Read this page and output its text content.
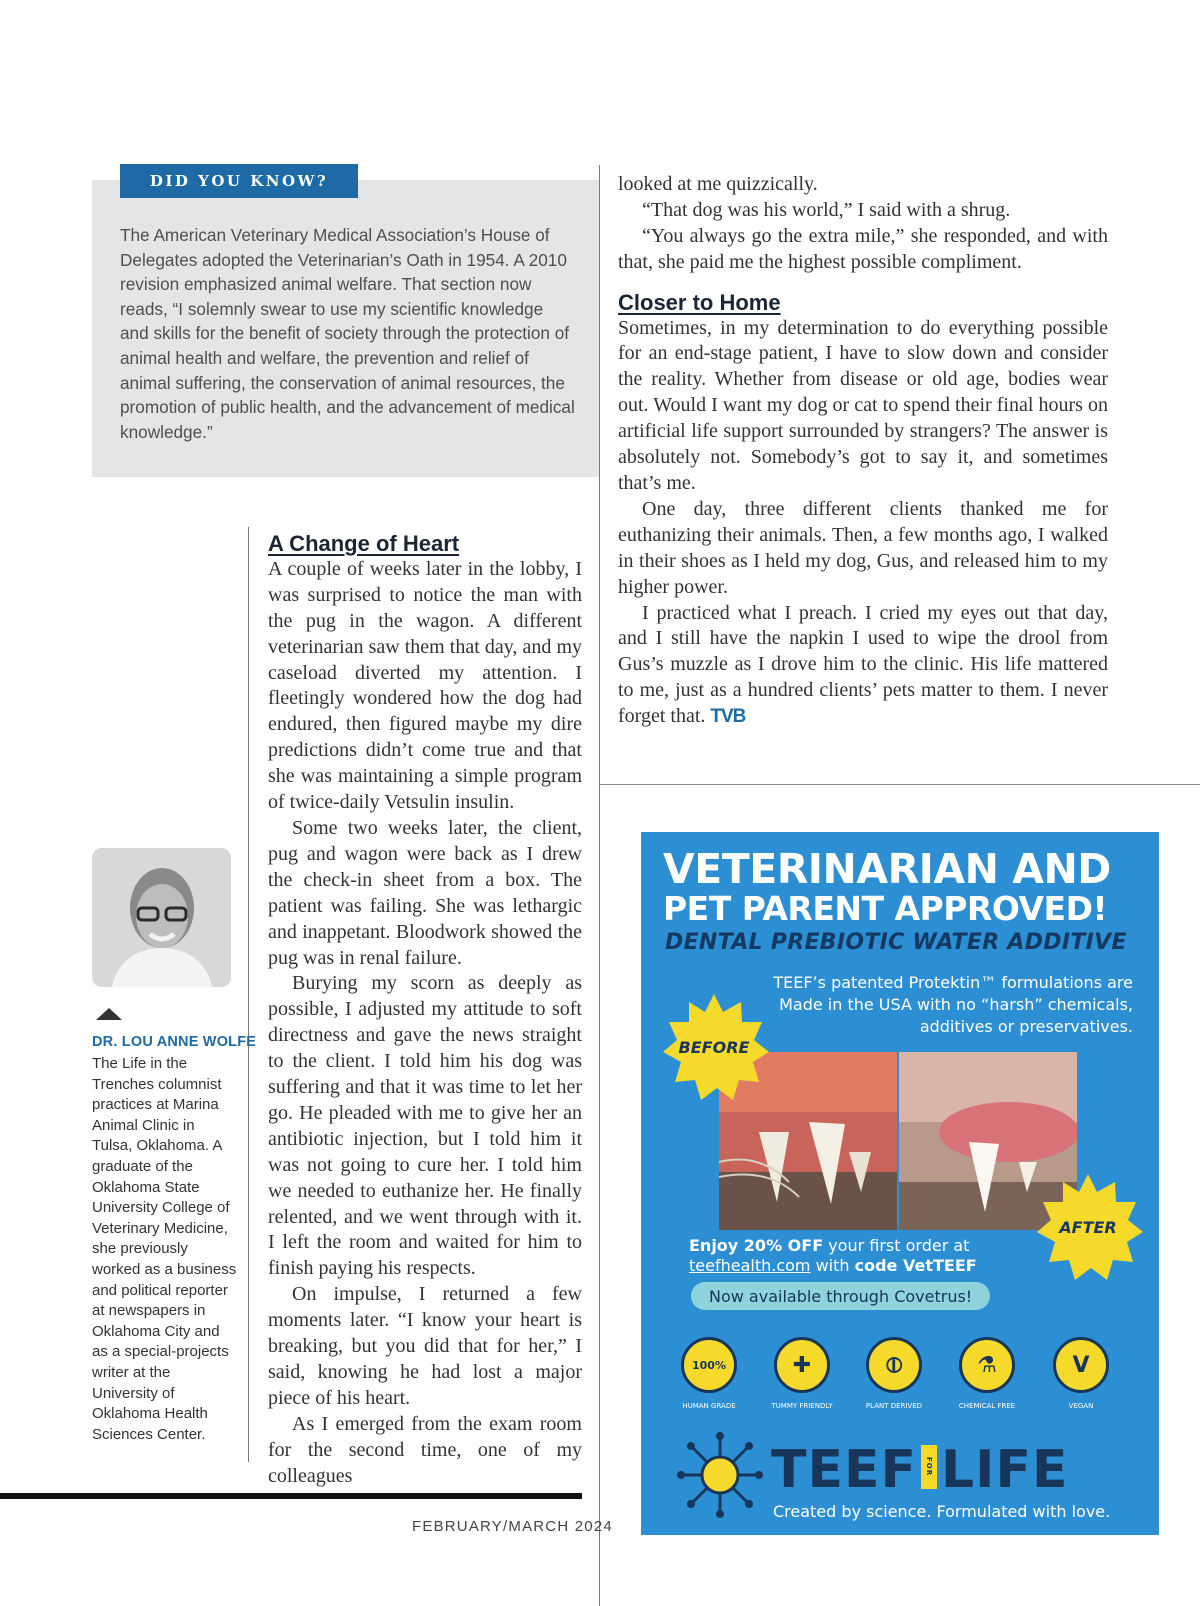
DID YOU KNOW?
The American Veterinary Medical Association’s House of Delegates adopted the Veterinarian’s Oath in 1954. A 2010 revision emphasized animal welfare. That section now reads, “I solemnly swear to use my scientific knowledge and skills for the benefit of society through the protection of animal health and welfare, the prevention and relief of animal suffering, the conservation of animal resources, the promotion of public health, and the advancement of medical knowledge.”
A Change of Heart

A couple of weeks later in the lobby, I was surprised to notice the man with the pug in the wagon. A different veterinarian saw them that day, and my caseload diverted my attention. I fleetingly wondered how the dog had endured, then figured maybe my dire predictions didn’t come true and that she was maintaining a simple program of twice-daily Vetsulin insulin.

Some two weeks later, the client, pug and wagon were back as I drew the check-in sheet from a box. The patient was failing. She was lethargic and inappetant. Bloodwork showed the pug was in renal failure.

Burying my scorn as deeply as possible, I adjusted my attitude to soft directness and gave the news straight to the client. I told him his dog was suffering and that it was time to let her go. He pleaded with me to give her an antibiotic injection, but I told him it was not going to cure her. I told him we needed to euthanize her. He finally relented, and we went through with it. I left the room and waited for him to finish paying his respects.

On impulse, I returned a few moments later. “I know your heart is breaking, but you did that for her,” I said, knowing he had lost a major piece of his heart.

As I emerged from the exam room for the second time, one of my colleagues

looked at me quizzically.

“That dog was his world,” I said with a shrug.

“You always go the extra mile,” she responded, and with that, she paid me the highest possible compliment.

Closer to Home

Sometimes, in my determination to do everything possible for an end-stage patient, I have to slow down and consider the reality. Whether from disease or old age, bodies wear out. Would I want my dog or cat to spend their final hours on artificial life support surrounded by strangers? The answer is absolutely not. Somebody’s got to say it, and sometimes that’s me.

One day, three different clients thanked me for euthanizing their animals. Then, a few months ago, I walked in their shoes as I held my dog, Gus, and released him to my higher power.

I practiced what I preach. I cried my eyes out that day, and I still have the napkin I used to wipe the drool from Gus’s muzzle as I drove him to the clinic. His life mattered to me, just as a hundred clients’ pets matter to them. I never forget that. TVB

DR. LOU ANNE WOLFE
The Life in the Trenches columnist practices at Marina Animal Clinic in Tulsa, Oklahoma. A graduate of the Oklahoma State University College of Veterinary Medicine, she previously worked as a business and political reporter at newspapers in Oklahoma City and as a special-projects writer at the University of Oklahoma Health Sciences Center.
FEBRUARY/MARCH 2024
VETERINARIAN AND
PET PARENT APPROVED!
DENTAL PREBIOTIC WATER ADDITIVE
TEEF’s patented Protektin™ formulations are Made in the USA with no “harsh” chemicals, additives or preservatives.
BEFORE
AFTER
Enjoy 20% OFF your first order at
teefhealth.com with code VetTEEF
Now available through Covetrus!
100%
HUMAN GRADE
✚
TUMMY FRIENDLY
⦶
PLANT DERIVED
⚗
CHEMICAL FREE
V
VEGAN
TEEF FOR LIFE
Created by science. Formulated with love.
